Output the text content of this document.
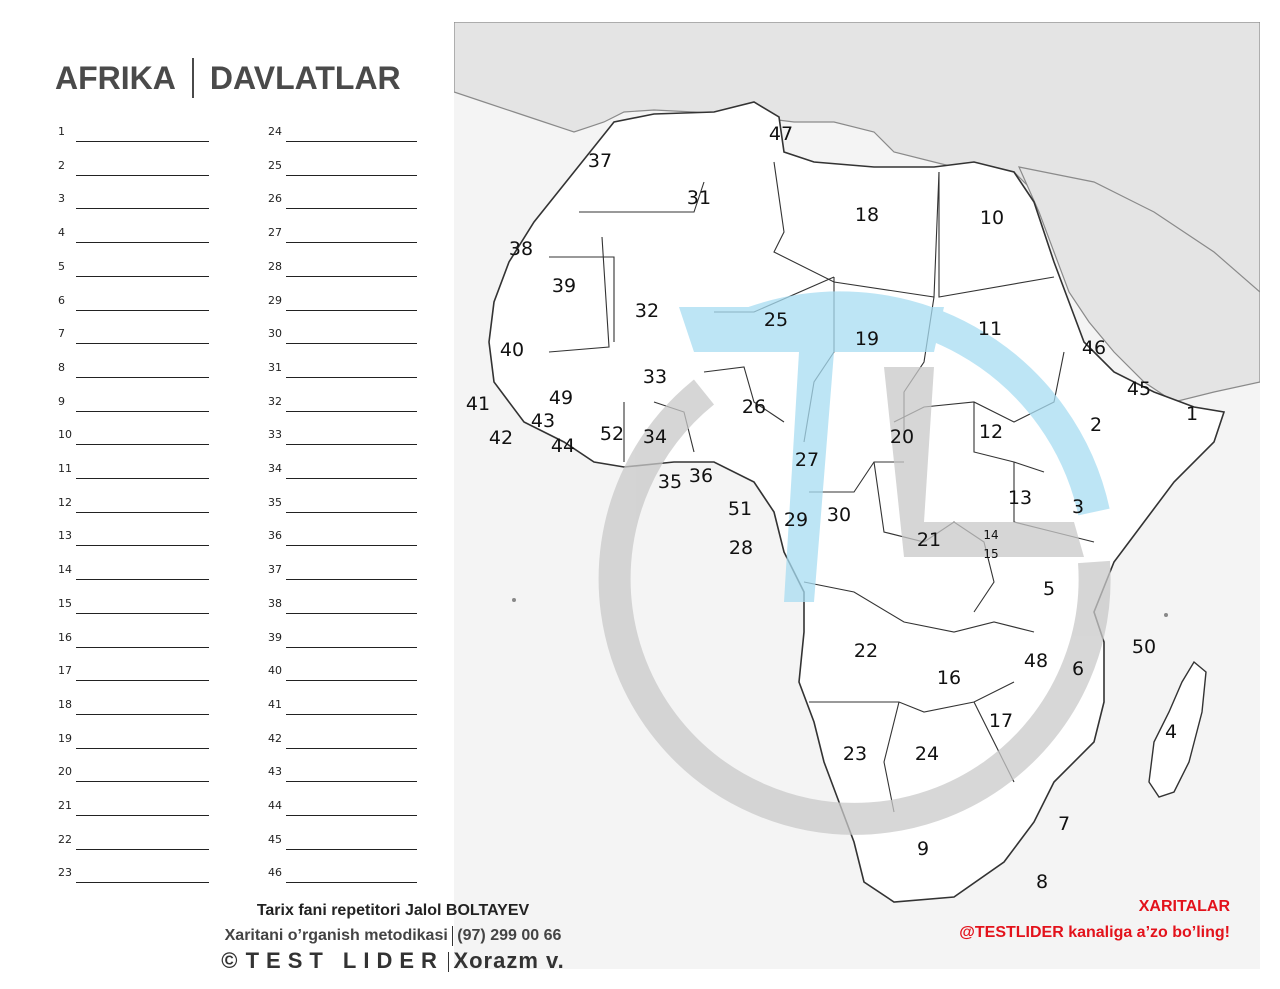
AFRIKA DAVLATLAR
1
2
3
4
5
6
7
8
9
10
11
12
13
14
15
16
17
18
19
20
21
22
23
24
25
26
27
28
29
30
31
32
33
34
35
36
37
38
39
40
41
42
43
44
45
46
1
2
3
4
5
6
7
8
9
10
11
12
13
14
15
16
17
18
19
20
21
22
23	24
25
26
27
28
29 30
31
32
33
34
35 36
37
38
39
40
41
42
43
44
45
46
47
48
49
50
51
52
Tarix fani repetitori Jalol BOLTAYEV
Xaritani o’rganish metodikasi (97) 299 00 66
© TEST LIDER Xorazm v.
XARITALAR
@TESTLIDER kanaliga a’zo bo’ling!
